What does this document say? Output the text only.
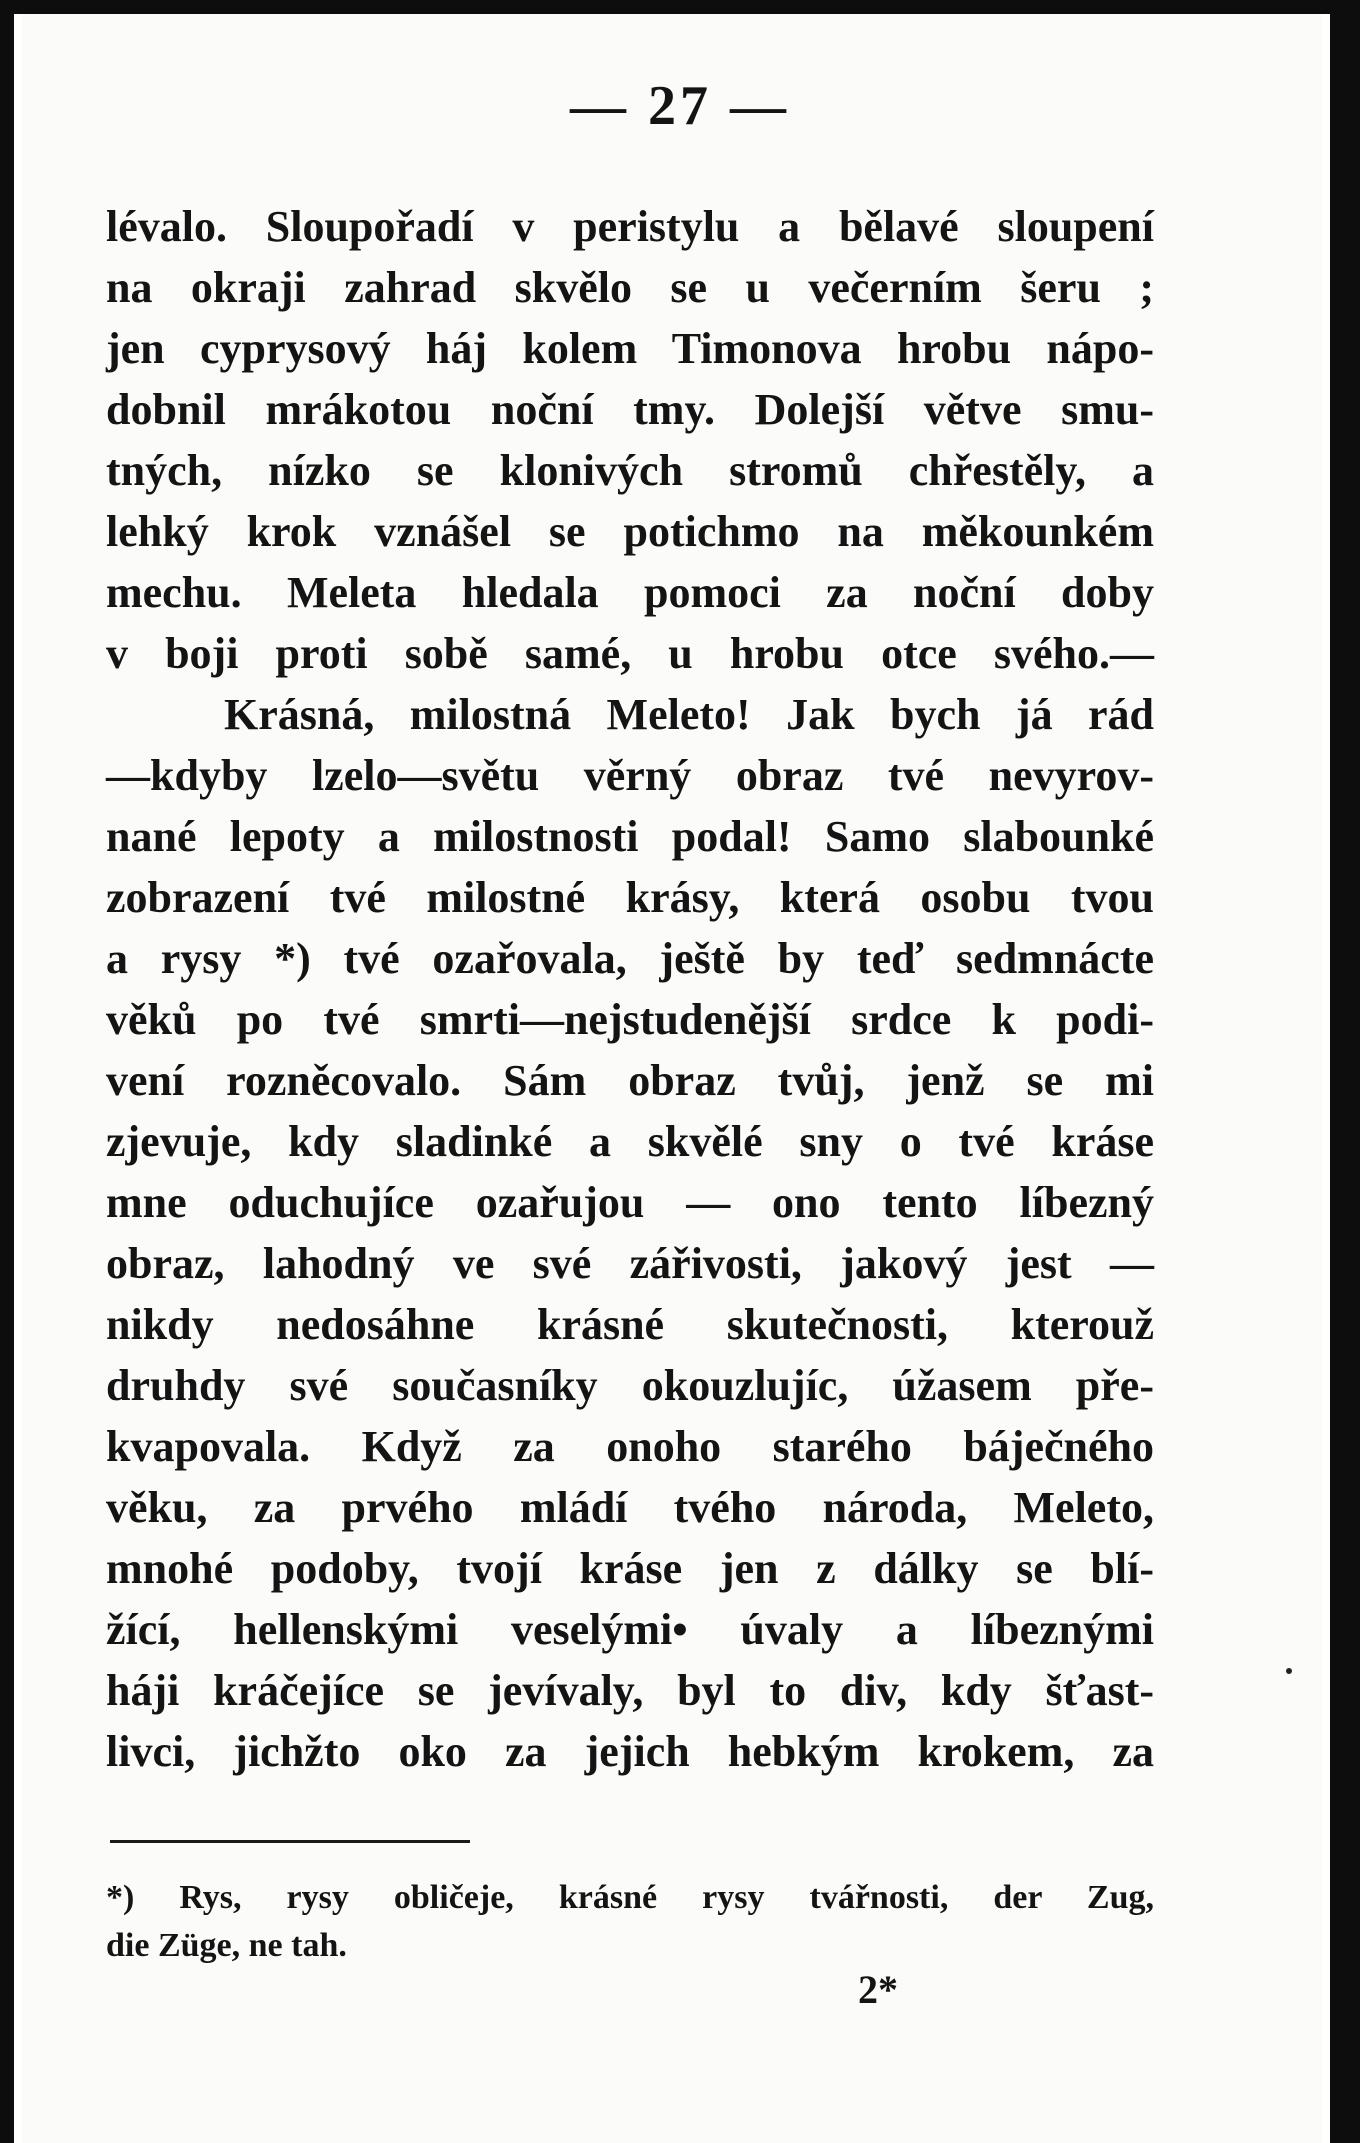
— 27 —
lévalo. Sloupořadí v peristylu a bělavé sloupení
na okraji zahrad skvělo se u večerním šeru ;
jen cyprysový háj kolem Timonova hrobu nápo-
dobnil mrákotou noční tmy. Dolejší větve smu-
tných, nízko se klonivých stromů chřestěly, a
lehký krok vznášel se potichmo na měkounkém
mechu. Meleta hledala pomoci za noční doby
v boji proti sobě samé, u hrobu otce svého.—
Krásná, milostná Meleto! Jak bych já rád
—kdyby lzelo—světu věrný obraz tvé nevyrov-
nané lepoty a milostnosti podal! Samo slabounké
zobrazení tvé milostné krásy, která osobu tvou
a rysy *) tvé ozařovala, ještě by teď sedmnácte
věků po tvé smrti—nejstudenější srdce k podi-
vení rozněcovalo. Sám obraz tvůj, jenž se mi
zjevuje, kdy sladinké a skvělé sny o tvé kráse
mne oduchujíce ozařujou — ono tento líbezný
obraz, lahodný ve své zářivosti, jakový jest —
nikdy nedosáhne krásné skutečnosti, kterouž
druhdy své současníky okouzlujíc, úžasem pře-
kvapovala. Když za onoho starého báječného
věku, za prvého mládí tvého národa, Meleto,
mnohé podoby, tvojí kráse jen z dálky se blí-
žící, hellenskými veselými• úvaly a líbeznými
háji kráčejíce se jevívaly, byl to div, kdy šťast-
livci, jichžto oko za jejich hebkým krokem, za
*) Rys, rysy obličeje, krásné rysy tvářnosti, der Zug,
die Züge, ne tah.
2*
